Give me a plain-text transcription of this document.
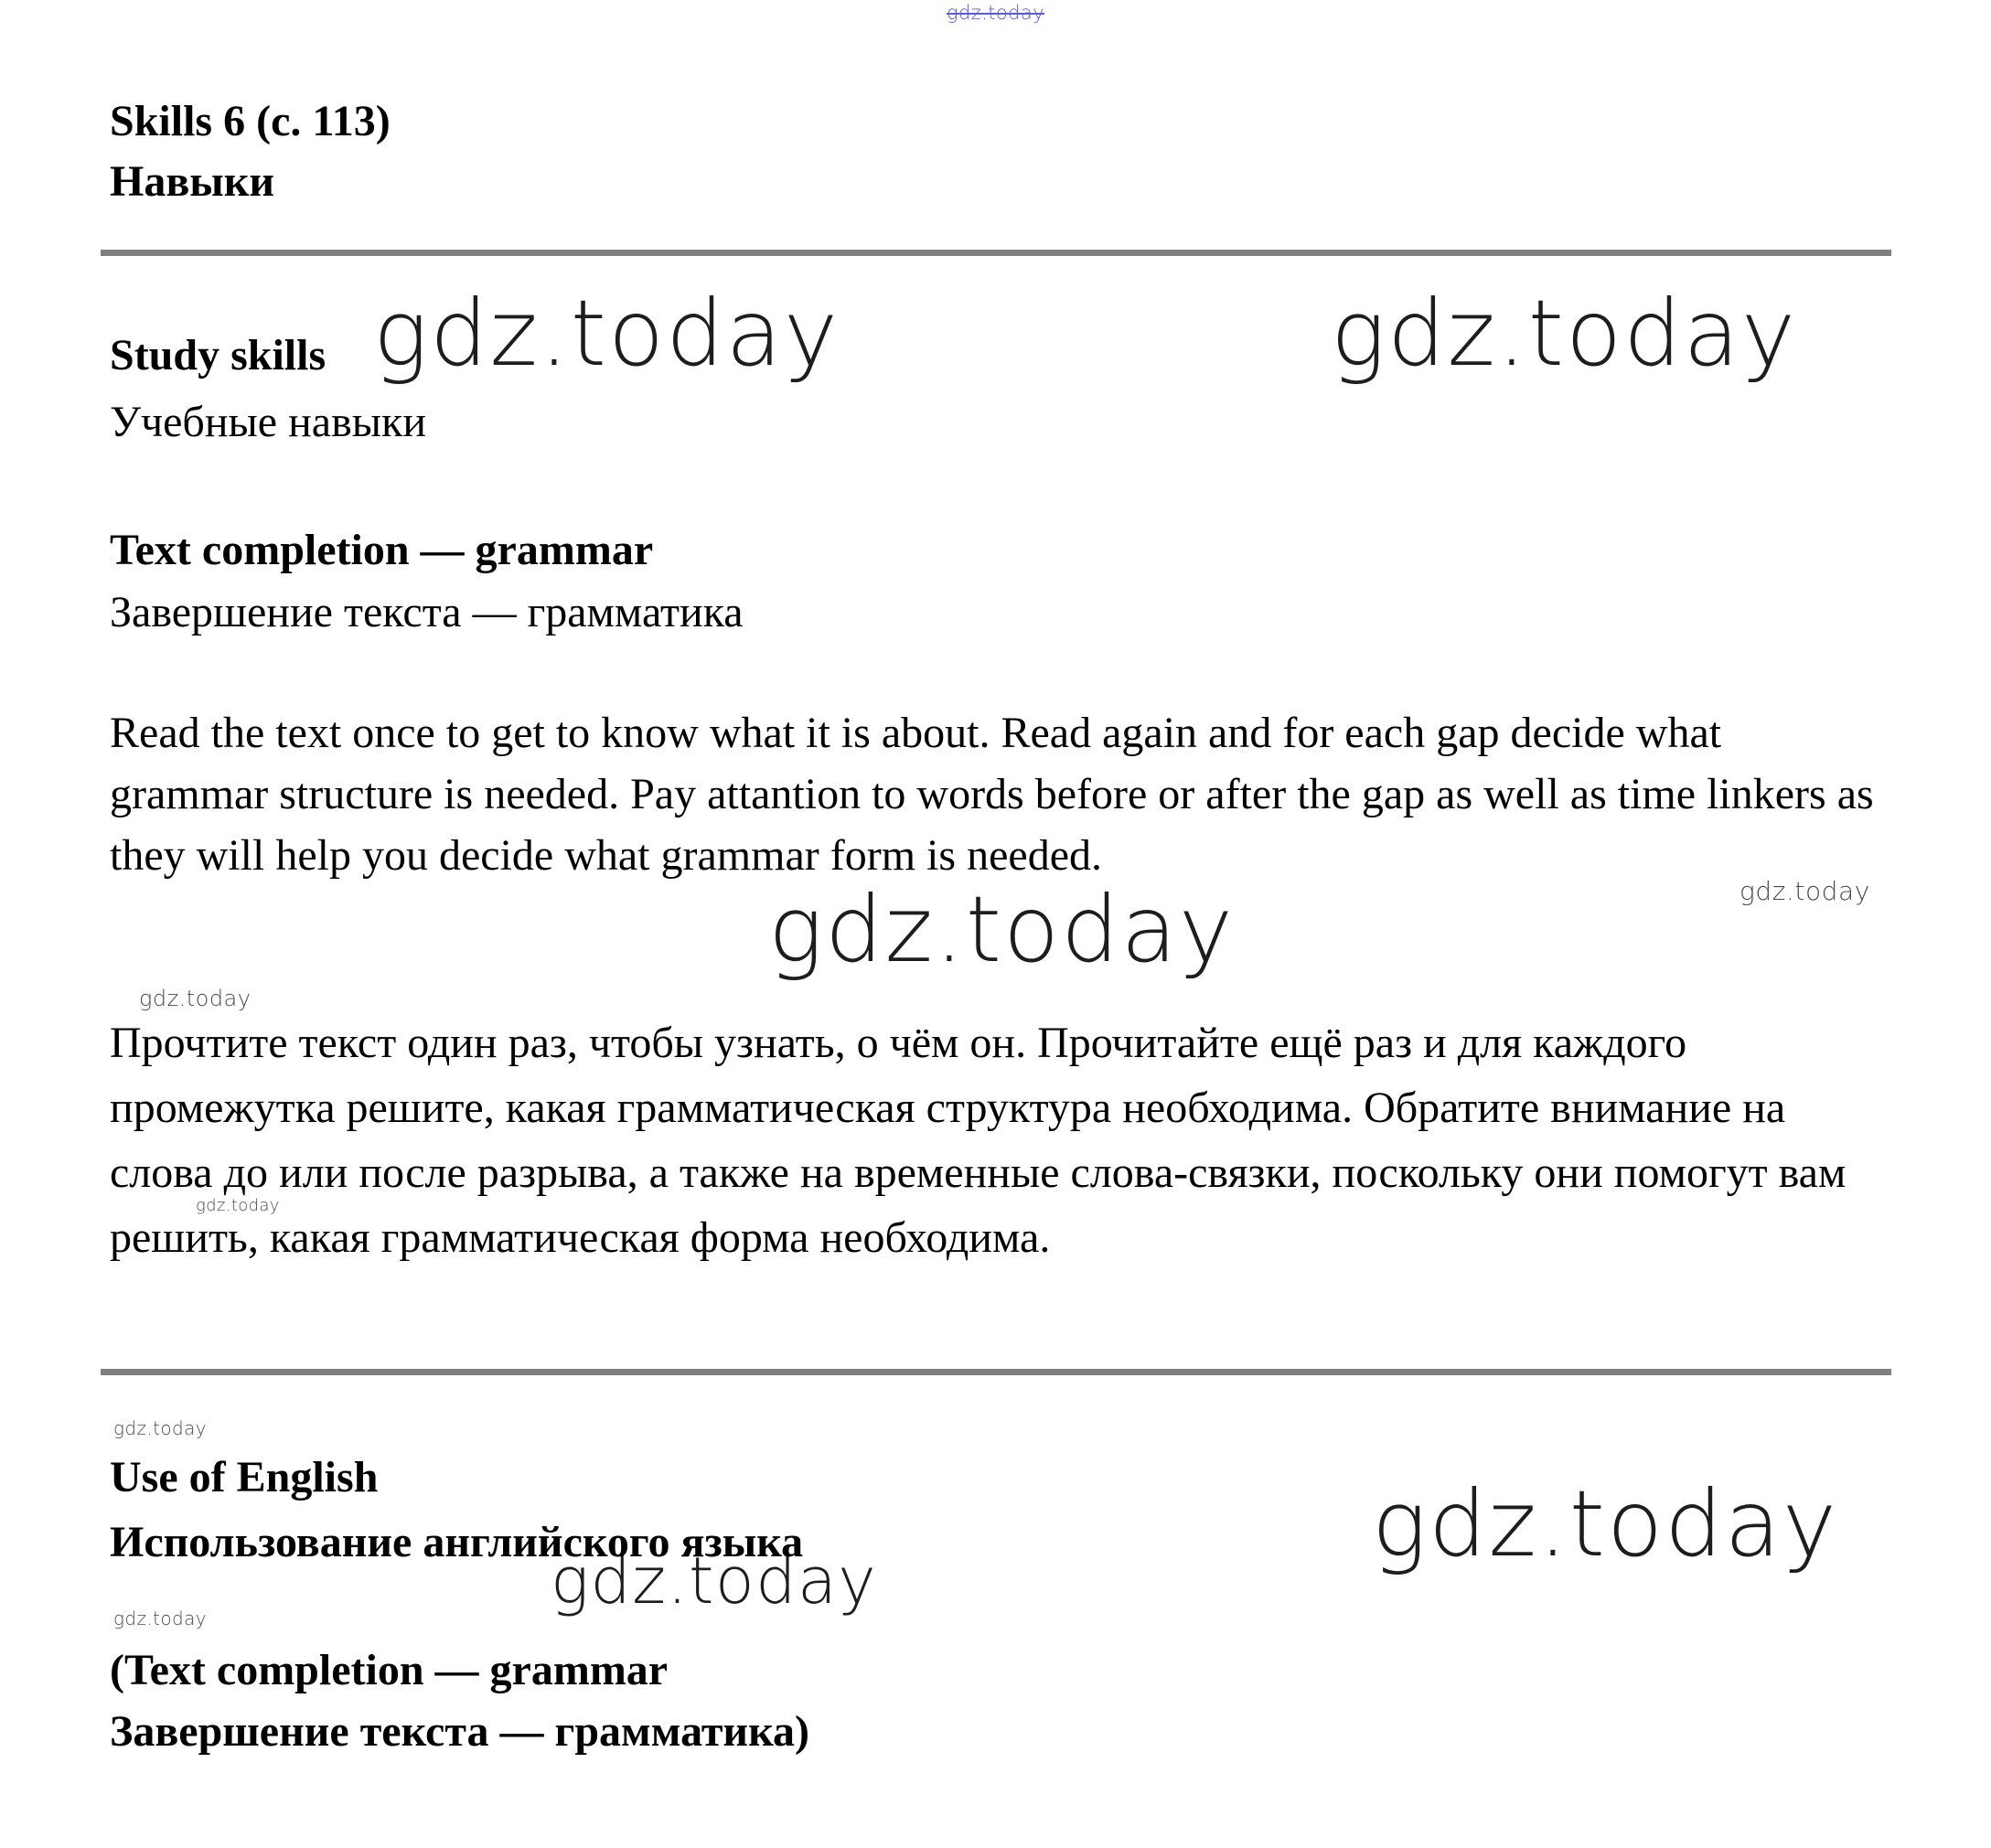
gdz.today
gdz.today	gdz.today
gdz.today
gdz.today
gdz.today
gdz.today
gdz.today
gdz.today
gdz.today
gdz.today
Skills 6 (с. 113)
Навыки
Study skills
Учебные навыки
Text completion — grammar
Завершение текста — грамматика
Read the text once to get to know what it is about. Read again and for each gap decide what grammar structure is needed. Pay attantion to words before or after the gap as well as time linkers as they will help you decide what grammar form is needed.
Прочтите текст один раз, чтобы узнать, о чём он. Прочитайте ещё раз и для каждого промежутка решите, какая грамматическая структура необходима. Обратите внимание на слова до или после разрыва, а также на временные слова-связки, поскольку они помогут вам решить, какая грамматическая форма необходима.
Use of English
Использование английского языка
(Text completion — grammar
Завершение текста — грамматика)
